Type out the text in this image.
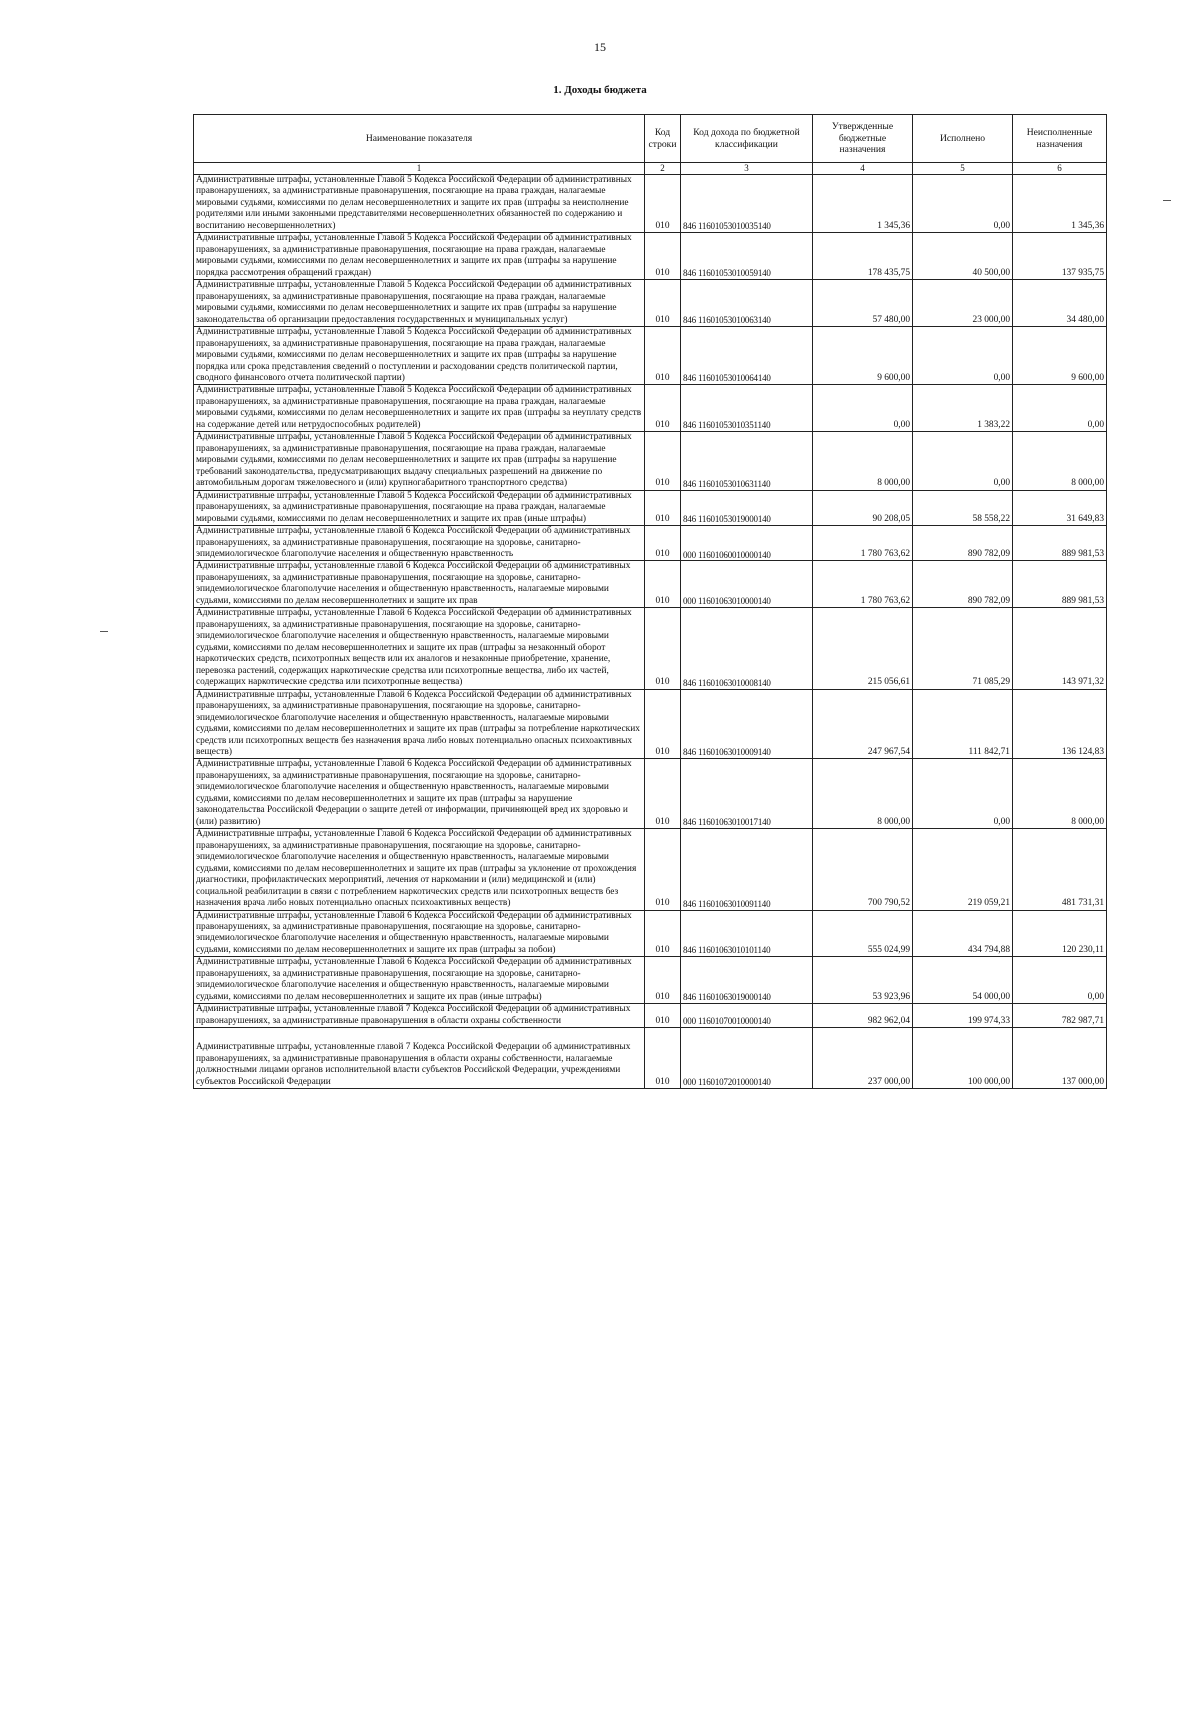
15
1. Доходы бюджета
Наименование показателя	Код строки	Код дохода по бюджетной классификации	Утвержденные бюджетные назначения	Исполнено	Неисполненные назначения
1	2	3	4	5	6
Административные штрафы, установленные Главой 5 Кодекса Российской Федерации об административных правонарушениях, за административные правонарушения, посягающие на права граждан, налагаемые мировыми судьями, комиссиями по делам несовершеннолетних и защите их прав (штрафы за неисполнение родителями или иными законными представителями несовершеннолетних обязанностей по содержанию и воспитанию несовершеннолетних)	010	846 11601053010035140	1 345,36	0,00	1 345,36
Административные штрафы, установленные Главой 5 Кодекса Российской Федерации об административных правонарушениях, за административные правонарушения, посягающие на права граждан, налагаемые мировыми судьями, комиссиями по делам несовершеннолетних и защите их прав (штрафы за нарушение порядка рассмотрения обращений граждан)	010	846 11601053010059140	178 435,75	40 500,00	137 935,75
Административные штрафы, установленные Главой 5 Кодекса Российской Федерации об административных правонарушениях, за административные правонарушения, посягающие на права граждан, налагаемые мировыми судьями, комиссиями по делам несовершеннолетних и защите их прав (штрафы за нарушение законодательства об организации предоставления государственных и муниципальных услуг)	010	846 11601053010063140	57 480,00	23 000,00	34 480,00
Административные штрафы, установленные Главой 5 Кодекса Российской Федерации об административных правонарушениях, за административные правонарушения, посягающие на права граждан, налагаемые мировыми судьями, комиссиями по делам несовершеннолетних и защите их прав (штрафы за нарушение порядка или срока представления сведений о поступлении и расходовании средств политической партии, сводного финансового отчета политической партии)	010	846 11601053010064140	9 600,00	0,00	9 600,00
Административные штрафы, установленные Главой 5 Кодекса Российской Федерации об административных правонарушениях, за административные правонарушения, посягающие на права граждан, налагаемые мировыми судьями, комиссиями по делам несовершеннолетних и защите их прав (штрафы за неуплату средств на содержание детей или нетрудоспособных родителей)	010	846 11601053010351140	0,00	1 383,22	0,00
Административные штрафы, установленные Главой 5 Кодекса Российской Федерации об административных правонарушениях, за административные правонарушения, посягающие на права граждан, налагаемые мировыми судьями, комиссиями по делам несовершеннолетних и защите их прав (штрафы за нарушение требований законодательства, предусматривающих выдачу специальных разрешений на движение по автомобильным дорогам тяжеловесного и (или) крупногабаритного транспортного средства)	010	846 11601053010631140	8 000,00	0,00	8 000,00
Административные штрафы, установленные Главой 5 Кодекса Российской Федерации об административных правонарушениях, за административные правонарушения, посягающие на права граждан, налагаемые мировыми судьями, комиссиями по делам несовершеннолетних и защите их прав (иные штрафы)	010	846 11601053019000140	90 208,05	58 558,22	31 649,83
Административные штрафы, установленные главой 6 Кодекса Российской Федерации об административных правонарушениях, за административные правонарушения, посягающие на здоровье, санитарно-эпидемиологическое благополучие населения и общественную нравственность	010	000 11601060010000140	1 780 763,62	890 782,09	889 981,53
Административные штрафы, установленные главой 6 Кодекса Российской Федерации об административных правонарушениях, за административные правонарушения, посягающие на здоровье, санитарно-эпидемиологическое благополучие населения и общественную нравственность, налагаемые мировыми судьями, комиссиями по делам несовершеннолетних и защите их прав	010	000 11601063010000140	1 780 763,62	890 782,09	889 981,53
Административные штрафы, установленные Главой 6 Кодекса Российской Федерации об административных правонарушениях, за административные правонарушения, посягающие на здоровье, санитарно-эпидемиологическое благополучие населения и общественную нравственность, налагаемые мировыми судьями, комиссиями по делам несовершеннолетних и защите их прав (штрафы за незаконный оборот наркотических средств, психотропных веществ или их аналогов и незаконные приобретение, хранение, перевозка растений, содержащих наркотические средства или психотропные вещества, либо их частей, содержащих наркотические средства или психотропные вещества)	010	846 11601063010008140	215 056,61	71 085,29	143 971,32
Административные штрафы, установленные Главой 6 Кодекса Российской Федерации об административных правонарушениях, за административные правонарушения, посягающие на здоровье, санитарно-эпидемиологическое благополучие населения и общественную нравственность, налагаемые мировыми судьями, комиссиями по делам несовершеннолетних и защите их прав (штрафы за потребление наркотических средств или психотропных веществ без назначения врача либо новых потенциально опасных психоактивных веществ)	010	846 11601063010009140	247 967,54	111 842,71	136 124,83
Административные штрафы, установленные Главой 6 Кодекса Российской Федерации об административных правонарушениях, за административные правонарушения, посягающие на здоровье, санитарно-эпидемиологическое благополучие населения и общественную нравственность, налагаемые мировыми судьями, комиссиями по делам несовершеннолетних и защите их прав (штрафы за нарушение законодательства Российской Федерации о защите детей от информации, причиняющей вред их здоровью и (или) развитию)	010	846 11601063010017140	8 000,00	0,00	8 000,00
Административные штрафы, установленные Главой 6 Кодекса Российской Федерации об административных правонарушениях, за административные правонарушения, посягающие на здоровье, санитарно-эпидемиологическое благополучие населения и общественную нравственность, налагаемые мировыми судьями, комиссиями по делам несовершеннолетних и защите их прав (штрафы за уклонение от прохождения диагностики, профилактических мероприятий, лечения от наркомании и (или) медицинской и (или) социальной реабилитации в связи с потреблением наркотических средств или психотропных веществ без назначения врача либо новых потенциально опасных психоактивных веществ)	010	846 11601063010091140	700 790,52	219 059,21	481 731,31
Административные штрафы, установленные Главой 6 Кодекса Российской Федерации об административных правонарушениях, за административные правонарушения, посягающие на здоровье, санитарно-эпидемиологическое благополучие населения и общественную нравственность, налагаемые мировыми судьями, комиссиями по делам несовершеннолетних и защите их прав (штрафы за побои)	010	846 11601063010101140	555 024,99	434 794,88	120 230,11
Административные штрафы, установленные Главой 6 Кодекса Российской Федерации об административных правонарушениях, за административные правонарушения, посягающие на здоровье, санитарно-эпидемиологическое благополучие населения и общественную нравственность, налагаемые мировыми судьями, комиссиями по делам несовершеннолетних и защите их прав (иные штрафы)	010	846 11601063019000140	53 923,96	54 000,00	0,00
Административные штрафы, установленные главой 7 Кодекса Российской Федерации об административных правонарушениях, за административные правонарушения в области охраны собственности	010	000 11601070010000140	982 962,04	199 974,33	782 987,71
Административные штрафы, установленные главой 7 Кодекса Российской Федерации об административных правонарушениях, за административные правонарушения в области охраны собственности, налагаемые должностными лицами органов исполнительной власти субъектов Российской Федерации, учреждениями субъектов Российской Федерации	010	000 11601072010000140	237 000,00	100 000,00	137 000,00
